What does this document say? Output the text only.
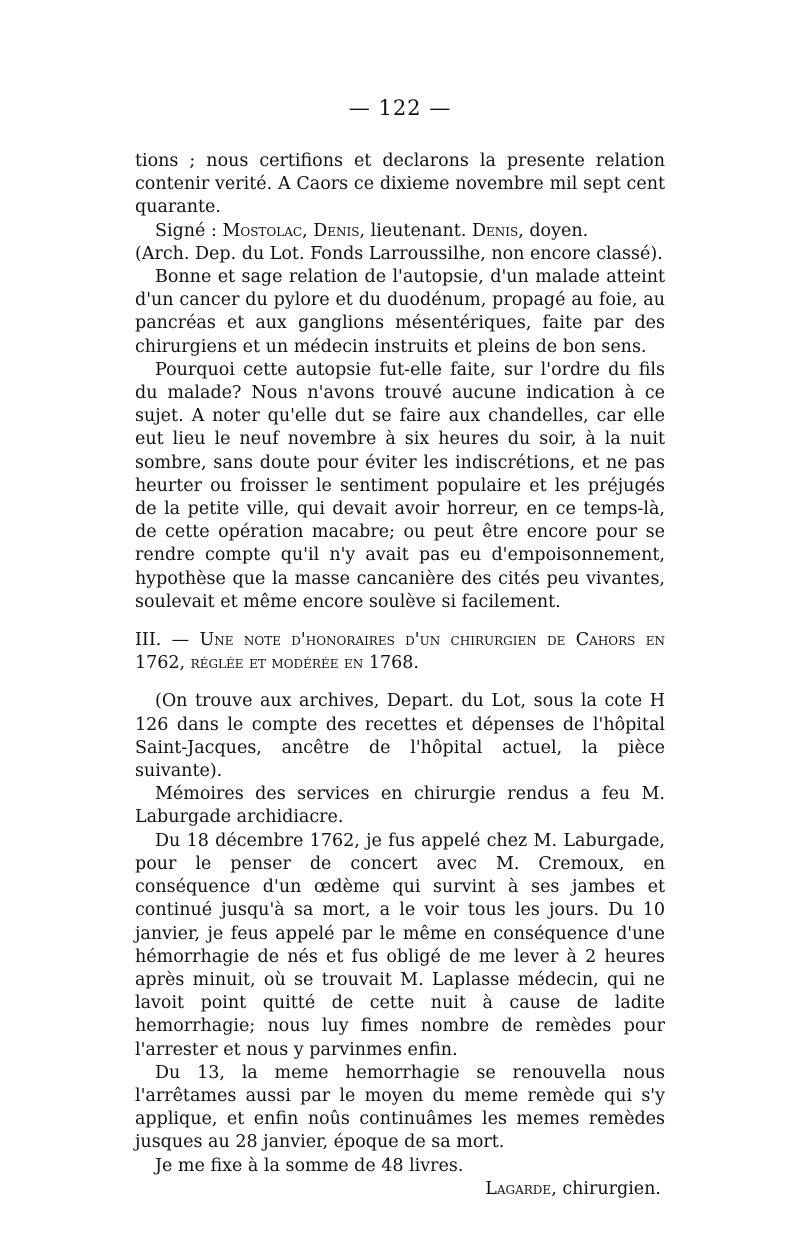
— 122 —

tions ; nous certifions et declarons la presente relation contenir verité. A Caors ce dixieme novembre mil sept cent quarante.

Signé : Mostolac, Denis, lieutenant. Denis, doyen.

(Arch. Dep. du Lot. Fonds Larroussilhe, non encore classé).

Bonne et sage relation de l'autopsie, d'un malade atteint d'un cancer du pylore et du duodénum, propagé au foie, au pancréas et aux ganglions mésentériques, faite par des chirurgiens et un médecin instruits et pleins de bon sens.

Pourquoi cette autopsie fut-elle faite, sur l'ordre du fils du malade? Nous n'avons trouvé aucune indication à ce sujet. A noter qu'elle dut se faire aux chandelles, car elle eut lieu le neuf novembre à six heures du soir, à la nuit sombre, sans doute pour éviter les indiscrétions, et ne pas heurter ou froisser le sentiment populaire et les préjugés de la petite ville, qui devait avoir horreur, en ce temps-là, de cette opération macabre; ou peut être encore pour se rendre compte qu'il n'y avait pas eu d'empoisonnement, hypothèse que la masse cancanière des cités peu vivantes, soulevait et même encore soulève si facilement.

III. — Une note d'honoraires d'un chirurgien de Cahors en 1762, réglée et modérée en 1768.

(On trouve aux archives, Depart. du Lot, sous la cote H 126 dans le compte des recettes et dépenses de l'hôpital Saint-Jacques, ancêtre de l'hôpital actuel, la pièce suivante).

Mémoires des services en chirurgie rendus a feu M. Laburgade archidiacre.

Du 18 décembre 1762, je fus appelé chez M. Laburgade, pour le penser de concert avec M. Cremoux, en conséquence d'un œdème qui survint à ses jambes et continué jusqu'à sa mort, a le voir tous les jours. Du 10 janvier, je feus appelé par le même en conséquence d'une hémorrhagie de nés et fus obligé de me lever à 2 heures après minuit, où se trouvait M. Laplasse médecin, qui ne lavoit point quitté de cette nuit à cause de ladite hemorrhagie; nous luy fimes nombre de remèdes pour l'arrester et nous y parvinmes enfin.

Du 13, la meme hemorrhagie se renouvella nous l'arrêtames aussi par le moyen du meme remède qui s'y applique, et enfin noûs continuâmes les memes remèdes jusques au 28 janvier, époque de sa mort.

Je me fixe à la somme de 48 livres.

Lagarde, chirurgien.
